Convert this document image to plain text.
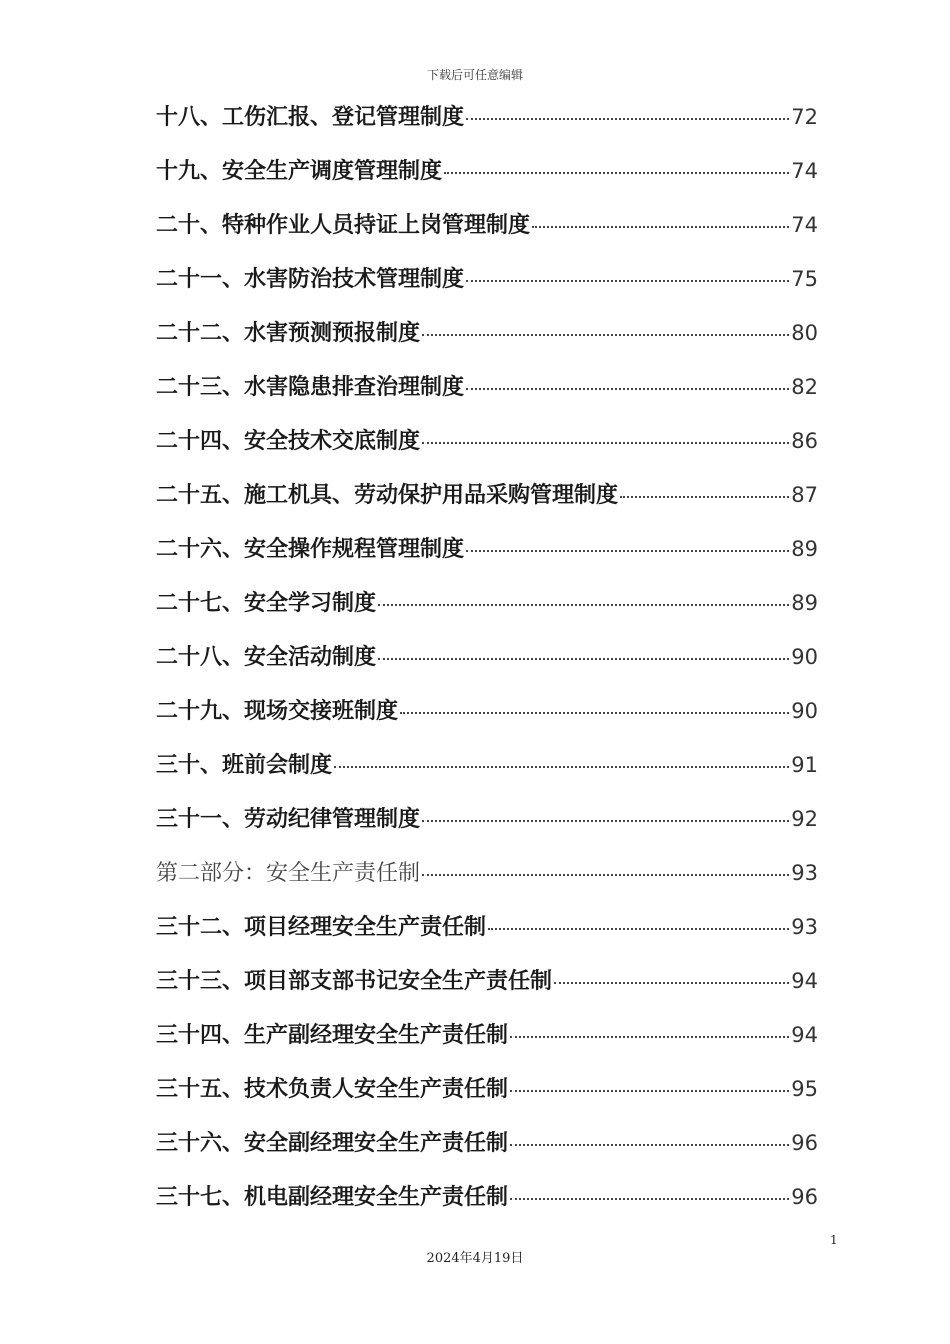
下载后可任意编辑
十八、工伤汇报、登记管理制度	72
十九、安全生产调度管理制度	74
二十、特种作业人员持证上岗管理制度	74
二十一、水害防治技术管理制度	75
二十二、水害预测预报制度	80
二十三、水害隐患排查治理制度	82
二十四、安全技术交底制度	86
二十五、施工机具、劳动保护用品采购管理制度	87
二十六、安全操作规程管理制度	89
二十七、安全学习制度	89
二十八、安全活动制度	90
二十九、现场交接班制度	90
三十、班前会制度	91
三十一、劳动纪律管理制度	92
第二部分：安全生产责任制	93
三十二、项目经理安全生产责任制	93
三十三、项目部支部书记安全生产责任制	94
三十四、生产副经理安全生产责任制	94
三十五、技术负责人安全生产责任制	95
三十六、安全副经理安全生产责任制	96
三十七、机电副经理安全生产责任制	96
1
2024年4月19日
